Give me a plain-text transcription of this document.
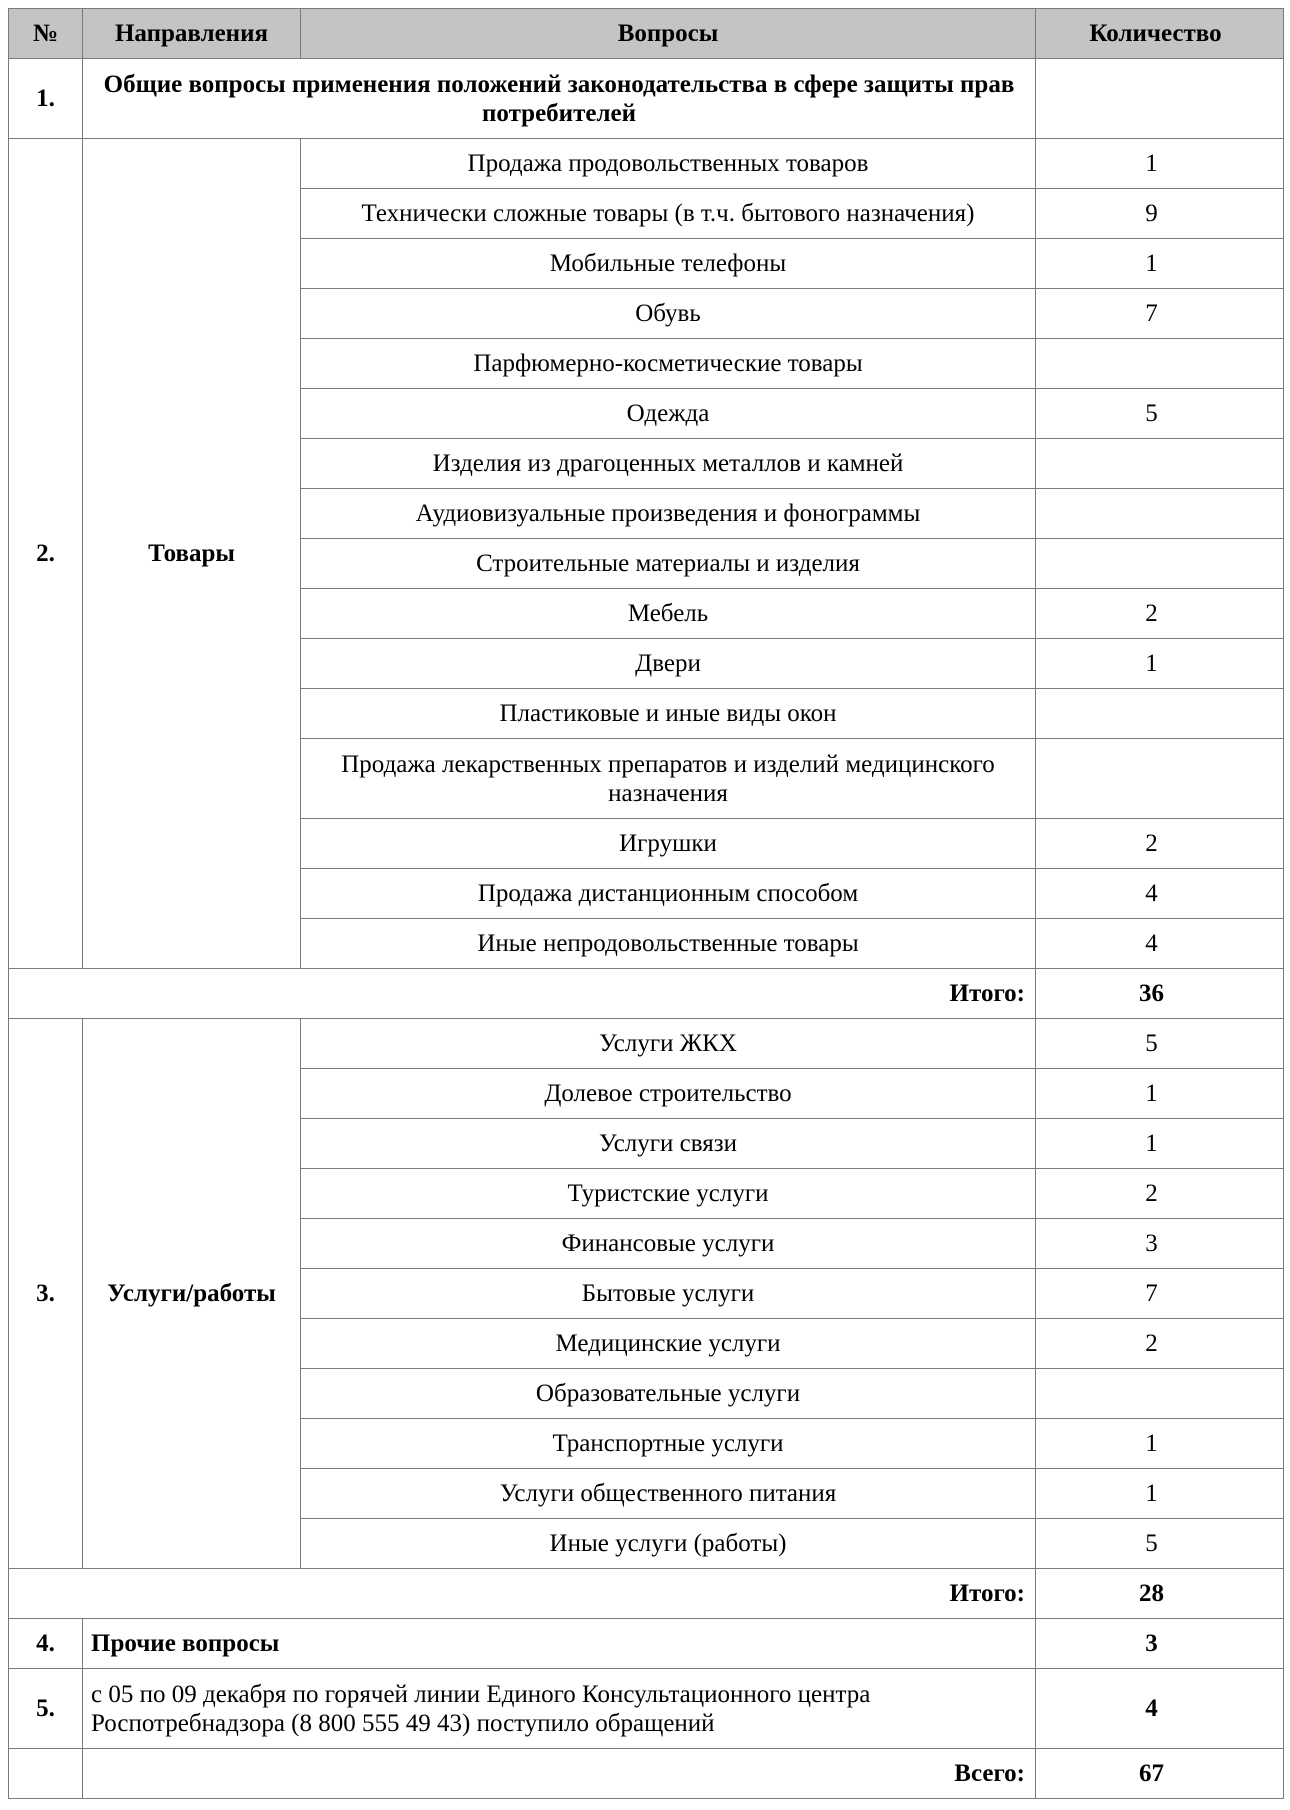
№	Направления	Вопросы	Количество
1.	Общие вопросы применения положений законодательства в сфере защиты прав потребителей		
2.	Товары	Продажа продовольственных товаров	1
		Технически сложные товары (в т.ч. бытового назначения)	9
		Мобильные телефоны	1
		Обувь	7
		Парфюмерно-косметические товары	
		Одежда	5
		Изделия из драгоценных металлов и камней	
		Аудиовизуальные произведения и фонограммы	
		Строительные материалы и изделия	
		Мебель	2
		Двери	1
		Пластиковые и иные виды окон	
		Продажа лекарственных препаратов и изделий медицинского назначения	
		Игрушки	2
		Продажа дистанционным способом	4
		Иные непродовольственные товары	4
Итого:			36
3.	Услуги/работы	Услуги ЖКХ	5
		Долевое строительство	1
		Услуги связи	1
		Туристские услуги	2
		Финансовые услуги	3
		Бытовые услуги	7
		Медицинские услуги	2
		Образовательные услуги	
		Транспортные услуги	1
		Услуги общественного питания	1
		Иные услуги (работы)	5
Итого:			28
4.	Прочие вопросы		3
5.	с 05 по 09 декабря по горячей линии Единого Консультационного центра Роспотребнадзора (8 800 555 49 43) поступило обращений		4
	Всего:		67
